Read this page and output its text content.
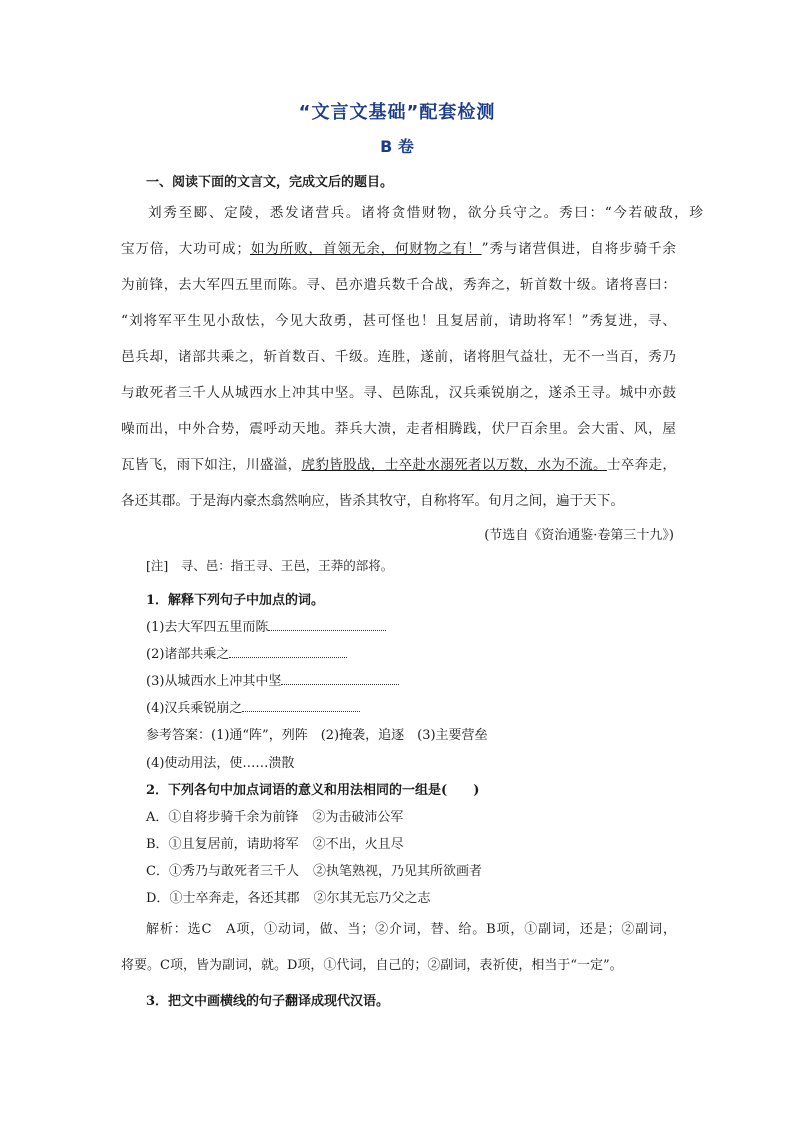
“文言文基础”配套检测
B 卷
一、阅读下面的文言文，完成文后的题目。
刘秀至郾、定陵，悉发诸营兵。诸将贪惜财物，欲分兵守之。秀曰：“今若破敌，珍
宝万倍，大功可成；如为所败，首领无余，何财物之有！”秀与诸营俱进，自将步骑千余
为前锋，去大军四五里而陈。寻、邑亦遣兵数千合战，秀奔之，斩首数十级。诸将喜曰：
“刘将军平生见小敌怯，今见大敌勇，甚可怪也！且复居前，请助将军！”秀复进，寻、
邑兵却，诸部共乘之，斩首数百、千级。连胜，遂前，诸将胆气益壮，无不一当百，秀乃
与敢死者三千人从城西水上冲其中坚。寻、邑陈乱，汉兵乘锐崩之，遂杀王寻。城中亦鼓
噪而出，中外合势，震呼动天地。莽兵大溃，走者相腾践，伏尸百余里。会大雷、风，屋
瓦皆飞，雨下如注，川盛溢，虎豹皆股战，士卒赴水溺死者以万数，水为不流。士卒奔走，
各还其郡。于是海内豪杰翕然响应，皆杀其牧守，自称将军。旬月之间，遍于天下。
(节选自《资治通鉴·卷第三十九》)
[注]　寻、邑：指王寻、王邑，王莽的部将。
1．解释下列句子中加点的词。
(1)去大军四五里而陈
(2)诸部共乘之
(3)从城西水上冲其中坚
(4)汉兵乘锐崩之
参考答案：(1)通“阵”，列阵　(2)掩袭，追逐　(3)主要营垒
(4)使动用法，使……溃散
2．下列各句中加点词语的意义和用法相同的一组是(　　)
A．①自将步骑千余为前锋 ②为击破沛公军
B．①且复居前，请助将军 ②不出，火且尽
C．①秀乃与敢死者三千人 ②执笔熟视，乃见其所欲画者
D．①士卒奔走，各还其郡 ②尔其无忘乃父之志
解析：选C　A项，①动词，做、当；②介词，替、给。B项，①副词，还是；②副词，
将要。C项，皆为副词，就。D项，①代词，自己的；②副词，表祈使，相当于“一定”。
3．把文中画横线的句子翻译成现代汉语。
